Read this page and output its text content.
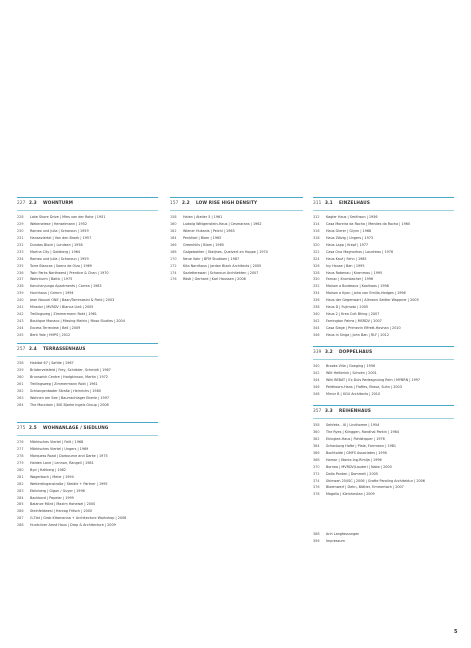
227 2.3	WOHNTURM
228	Lake Shore Drive | Mies van der Rohe | 1951
229	Weberwiese | Henselmann | 1952
230	Romeo und Julia | Scharoun | 1959
231	Hansaviertel | Van den Broek | 1957
232	Dundas Block | Lundsen | 1958
233	Marina City | Goldberg | 1964
234	Romeo und Julia | Scharoun | 1959
235	Torre Blancas | Saenz de Oiza | 1969
236	Twin Parks Northwest | Prentice & Chan | 1970
237	Wohnturm | Baltic | 1975
238	Kanchanjunga Apartments | Correa | 1983
239	Hochhaus | Grimm | 1994
240	Jean Nouvel ONE | Baan/Tommasini & Field | 2003
241	Mirador | MVRDV / Blanca Lleó | 2005
242	Trellingsveg | Zimmermann Rokt | 1961
243	Boutique Monaco | Missing Matrix | Moso Studies | 2004
244	Excess Terreview | Bell | 2009
245	Bent Yale | HHPS | 2012
257 2.4	TERRASSENHAUS
258	Habitat 67 | Safdie | 1967
259	Brüdervetsfeld | Frey, Schröder, Schmidt | 1967
260	Brunswick Centre | Hodgkinson, Martin | 1972
261	Trellingsweg | Zimmermann Rokt | 1961
262	Schlangenbader Straße | Heinrichs | 1980
263	Wohnen am See | Baumschlager Eberle | 1997
264	The Mountain | BIG Bjarke Ingels Group | 2008
275 2.5	WOHNANLAGE / SIEDLUNG
276	Märkisches Viertel | Feiß | 1968
277	Märkisches Viertel | Ungers | 1969
278	Marquess Road | Darbourne and Darke | 1975
279	Halden Lane | Lennon, Rangell | 1981
280	Byd | Hallberg | 1982
281	Wagerbach | Meier | 1994
282	Weiterdingenstraße | Steidle + Partner | 1995
283	Eblinberg | Gigon / Guyer | 1996
284	Backbord | Popelar | 1999
285	Balance Mönt | Maxim Hoheisel | 2000
286	Steinfeldwesl | Herzog Fritsch | 2000
287	G-Tlat | Grob Kitamanna + Architecture Workshop | 2006
288	Huntcliver Amst Hous | Drop & Architecture | 2009
157 2.2	LOW RISE HIGH DENSITY
158	Halen | Atelier 5 | 1961
160	Ludwig Wittgenstein-Haus | Cesmarans | 1962
162	Wiener Hukanis | Peichl | 1963
164	Penkfoel | Blom | 1965
166	Greenhills | Blom | 1965
168	Galgebakker | Skeijnes, Quelvert en Hoppe | 1974
170	Neue Vahr | BFM Studioen | 1987
172	Kita Nordhaus | Jordan Black Architects | 2005
174	Sozietierswan | Scharoun Architekten | 2007
176	Rösti | Gerhard | Karl Haussen | 2008
311 3.1	EINZELHAUS
312	Kagler Haus | Smithson | 1956
314	Casa Moreira da Rocha | Mendes da Rocha | 1960
316	Haus Gierer | Glynn | 1968
318	Haus Zälzig | Ungers | 1973
320	Haus Lapp | Krepf | 1977
322	Casa Ona Magnorhos | Loudreau | 1976
324	Haus Kauf | Fehn | 1985
326	Ivy House | Ban | 1995
328	Haus Robenau | Krommau | 1995
330	Farnac | Krumbacher | 1996
332	Maison a Bordeaux | Koolhaas | 1998
334	Maison a Kyon | Joha van Emilio-Hodges | 1998
336	Haus der Gegenwart | Allmann Sattler Wappner | 2005
338	Haus D | Fujimoto | 2005
340	Haus 2 | Kreo Cuit Bhing | 2007
342	Farrington Palms | MSRDV | 2007
344	Casa Slege | Primevin Effrett-Hovhan | 2010
346	Haus in Singa | John Ban | RLF | 2012
339 3.2	DOPPELHAUS
340	Brooks Villa | Goeging | 1956
342	Wilt Heitbrink | Scholm | 2001
344	Wiki BEBAT | Ex Duis Redesgnuing Rein / MYBRN | 1997
346	Peldhoorn-Haus | Flaffes, Ekeoz, Suhn | 2003
348	Mirror B | XGU Architects | 2010
357 3.3	REIHENHAUS
358	Sehfeks - IX | Lindhomm | 1954
360	The Ryes | Kilnggen, Randhal Parkin | 1964
362	Ekinglee-Haus | Pohlstrpper | 1976
364	Schonborg Hofte | Plaie, Forrmann | 1981
366	Bochtolde | GMFS Associates | 1990
368	Hamor | Stanle-Ing-Rimlja | 1996
370	Borneo | MVRDV/Lauderi | Nabe | 2000
372	Dallo Ponten | Dommeli | 2005
374	Shimsen 25/ISC | 2006 | Grafte Paroling Architektur | 2006
376	Bloemwerf | Dehn, Böttler, Emmertach | 2007
378	Magello | Kleinheutan | 2009
388	Anh Langfassungen
396	Impressum
5
